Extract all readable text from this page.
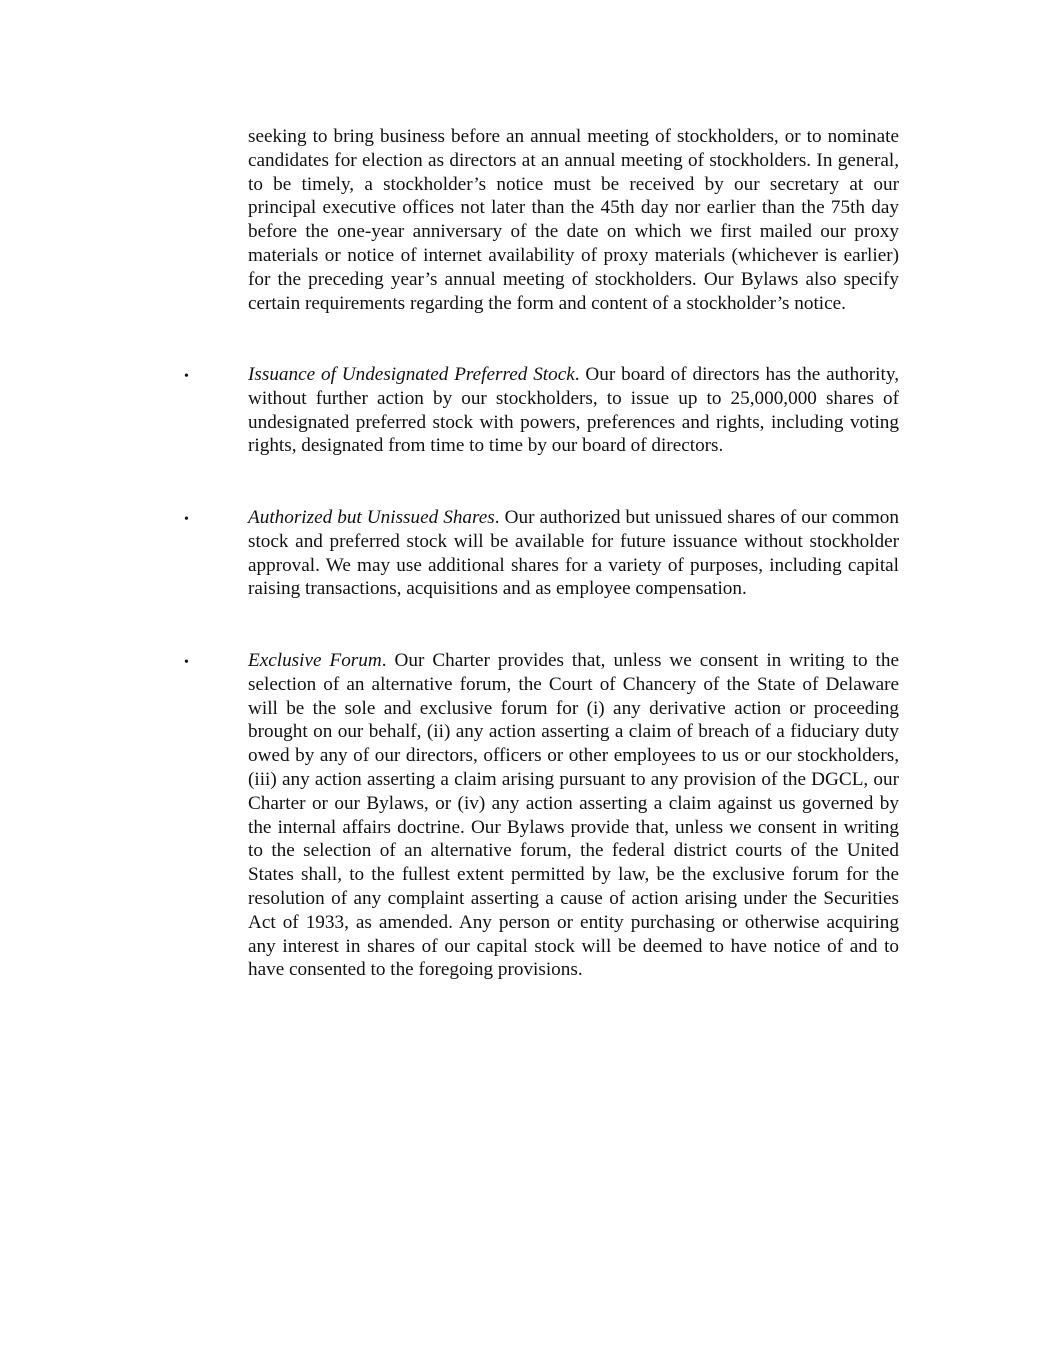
seeking to bring business before an annual meeting of stockholders, or to nominate candidates for election as directors at an annual meeting of stockholders. In general, to be timely, a stockholder’s notice must be received by our secretary at our principal executive offices not later than the 45th day nor earlier than the 75th day before the one-year anniversary of the date on which we first mailed our proxy materials or notice of internet availability of proxy materials (whichever is earlier) for the preceding year’s annual meeting of stockholders. Our Bylaws also specify certain requirements regarding the form and content of a stockholder’s notice.

•	Issuance of Undesignated Preferred Stock. Our board of directors has the authority, without further action by our stockholders, to issue up to 25,000,000 shares of undesignated preferred stock with powers, preferences and rights, including voting rights, designated from time to time by our board of directors.

•	Authorized but Unissued Shares. Our authorized but unissued shares of our common stock and preferred stock will be available for future issuance without stockholder approval. We may use additional shares for a variety of purposes, including capital raising transactions, acquisitions and as employee compensation.

•	Exclusive Forum. Our Charter provides that, unless we consent in writing to the selection of an alternative forum, the Court of Chancery of the State of Delaware will be the sole and exclusive forum for (i) any derivative action or proceeding brought on our behalf, (ii) any action asserting a claim of breach of a fiduciary duty owed by any of our directors, officers or other employees to us or our stockholders, (iii) any action asserting a claim arising pursuant to any provision of the DGCL, our Charter or our Bylaws, or (iv) any action asserting a claim against us governed by the internal affairs doctrine. Our Bylaws provide that, unless we consent in writing to the selection of an alternative forum, the federal district courts of the United States shall, to the fullest extent permitted by law, be the exclusive forum for the resolution of any complaint asserting a cause of action arising under the Securities Act of 1933, as amended. Any person or entity purchasing or otherwise acquiring any interest in shares of our capital stock will be deemed to have notice of and to have consented to the foregoing provisions.
